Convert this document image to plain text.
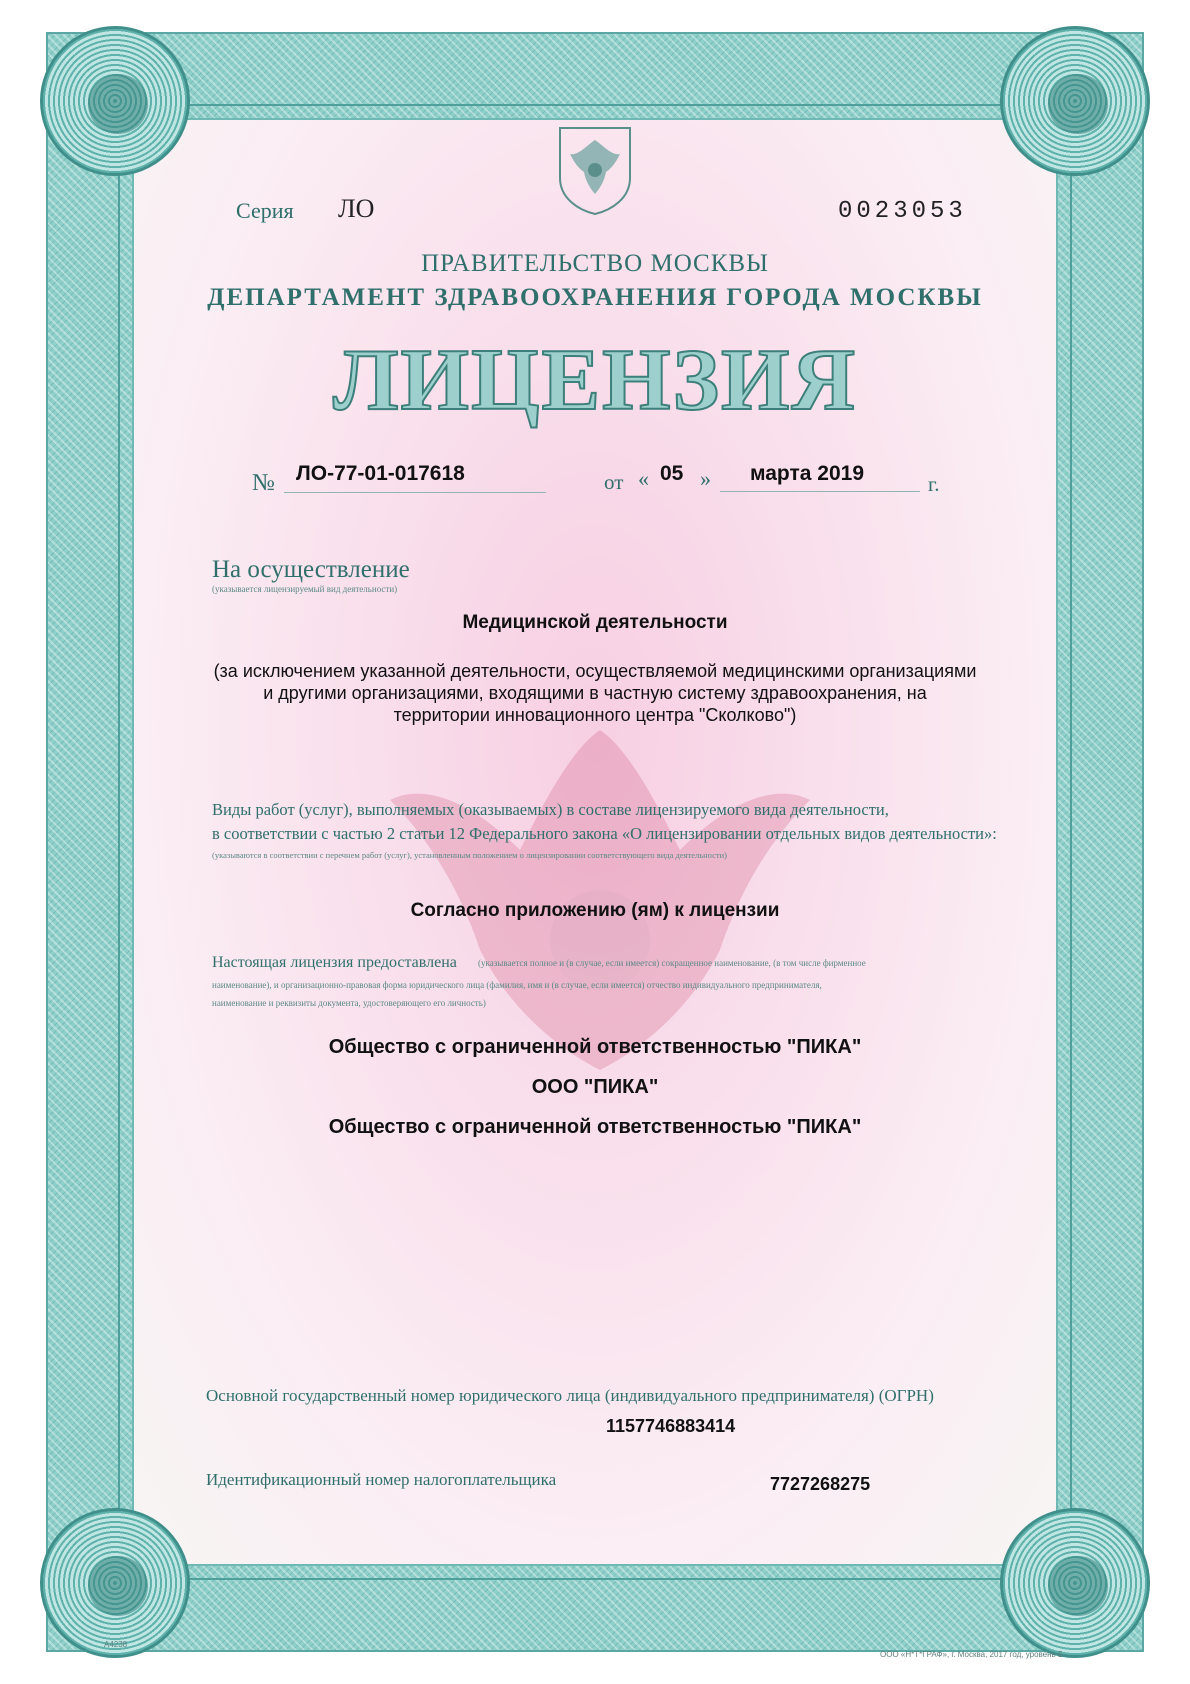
Серия ЛО	0023053
ПРАВИТЕЛЬСТВО МОСКВЫ
ДЕПАРТАМЕНТ ЗДРАВООХРАНЕНИЯ ГОРОДА МОСКВЫ
ЛИЦЕНЗИЯ
№	ЛО-77-01-017618	от « 05 »	марта 2019	г.
На осуществление
(указывается лицензируемый вид деятельности)
Медицинской деятельности
(за исключением указанной деятельности, осуществляемой медицинскими организациями
и другими организациями, входящими в частную систему здравоохранения, на
территории инновационного центра "Сколково")
Виды работ (услуг), выполняемых (оказываемых) в составе лицензируемого вида деятельности,
в соответствии с частью 2 статьи 12 Федерального закона «О лицензировании отдельных видов деятельности»:
(указываются в соответствии с перечнем работ (услуг), установленным положением о лицензировании соответствующего вида деятельности)
Согласно приложению (ям) к лицензии
Настоящая лицензия предоставлена (указывается полное и (в случае, если имеется) сокращенное наименование, (в том числе фирменное
наименование), и организационно-правовая форма юридического лица (фамилия, имя и (в случае, если имеется) отчество индивидуального предпринимателя,
наименование и реквизиты документа, удостоверяющего его личность)
Общество с ограниченной ответственностью "ПИКА"
ООО "ПИКА"
Общество с ограниченной ответственностью "ПИКА"
Основной государственный номер юридического лица (индивидуального предпринимателя) (ОГРН)
1157746883414
Идентификационный номер налогоплательщика	7727268275
A4238
ООО «Н*Т*ГРАФ», г. Москва, 2017 год, уровень Б
